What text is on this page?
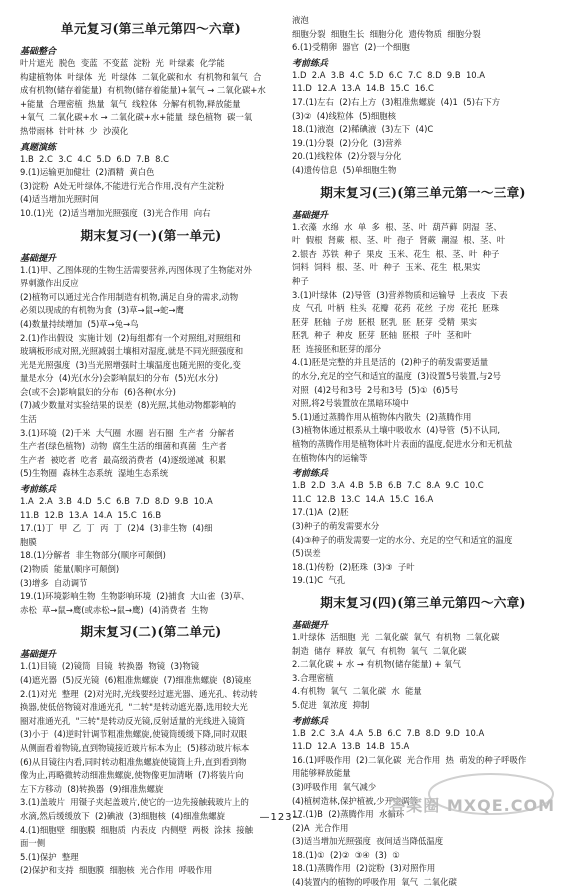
单元复习(第三单元第四～六章)
基础整合
叶片遮光  脱色  变蓝  不变蓝  淀粉  光  叶绿素  化学能
构建植物体  叶绿体  光  叶绿体  二氧化碳和水  有机物和氧气  合
成有机物(储存着能量)  有机物(储存着能量)+氧气 → 二氧化碳+水
+能量  合理密植  热量  氧气  线粒体  分解有机物,释放能量
+氧气  二氧化碳+水 → 二氧化碳+水+能量  绿色植物  碳一氧
热带雨林  针叶林  少  沙漠化
真题演练
1.B  2.C  3.C  4.C  5.D  6.D  7.B  8.C
9.(1)运输更加健壮  (2)酒精  黄白色
(3)淀粉  A处无叶绿体,不能进行光合作用,没有产生淀粉
(4)适当增加光照时间
10.(1)光  (2)适当增加光照强度  (3)光合作用  向右
期末复习(一)(第一单元)
基础提升
1.(1)甲、乙图体现的生物生活需要营养,丙图体现了生物能对外
界刺激作出反应
(2)植物可以通过光合作用制造有机物,满足自身的需求,动物
必须以现成的有机物为食  (3)草→鼠→蛇→鹰
(4)数量持续增加  (5)草→兔→鸟
2.(1)作出假设  实施计划  (2)每组都有一个对照组,对照组和
玻璃板形成对照,光照减弱土壤相对湿度,就是不同光照强度和
光是光照强度  (3)当光照增强时土壤温度也随光照的变化,变
量是水分  (4)光(水分)会影响鼠妇的分布  (5)光(水分)
会(或不会)影响鼠妇的分布  (6)各种(水分)
(7)减少数量对实验结果的误差  (8)光照,其他动物都影响的
生活
3.(1)环境  (2)千米  大气圈  水圈  岩石圈  生产者  分解者
生产者(绿色植物)  动物  腐生生活的细菌和真菌  生产者
生产者  被吃者  吃者  最高级消费者  (4)逐级递减  积累
(5)生物圈  森林生态系统  湿地生态系统
考前练兵
1.A  2.A  3.B  4.D  5.C  6.B  7.D  8.D  9.B  10.A
11.B  12.B  13.A  14.A  15.C  16.B
17.(1)丁  甲  乙  丁  丙  丁  (2)4  (3)非生物  (4)细
胞膜
18.(1)分解者  非生物部分(顺序可颠倒)
(2)物质  能量(顺序可颠倒)
(3)增多  自动调节
19.(1)环境影响生物  生物影响环境  (2)捕食  大山雀  (3)草、
赤松  草→鼠→鹰(或赤松→鼠→鹰)  (4)消费者  生物
期末复习(二)(第二单元)
基础提升
1.(1)目镜  (2)镜筒  目镜  转换器  物镜  (3)物镜
(4)遮光器  (5)反光镜  (6)粗准焦螺旋  (7)细准焦螺旋  (8)镜座
2.(1)对光  整理  (2)对光时,光线要经过遮光器、通光孔、转动转
换器,使低倍物镜对准通光孔  "二转"是转动遮光器,选用较大光
圈对准通光孔  "三转"是转动反光镜,反射适量的光线进入镜筒
(3)小于  (4)逆时针调节粗准焦螺旋,使镜筒缓缓下降,同时双眼
从侧面看着物镜,直到物镜接近玻片标本为止  (5)移动玻片标本
(6)从目镜往内看,同时转动粗准焦螺旋使镜筒上升,直到看到物
像为止,再略微转动细准焦螺旋,使物像更加清晰  (7)将装片向
左下方移动  (8)转换器  (9)细准焦螺旋
3.(1)盖玻片  用镊子夹起盖玻片,使它的一边先接触载玻片上的
水滴,然后缓缓放下  (2)碘液  (3)细胞核  (4)细准焦螺旋
4.(1)细胞壁  细胞膜  细胞质  内表皮  内侧壁  两极  涂抹  接触
面一侧
5.(1)保护  整理
(2)保护和支持  细胞膜  细胞核  光合作用  呼吸作用
液泡
细胞分裂  细胞生长  细胞分化  遗传物质  细胞分裂
6.(1)受精卵  器官  (2)一个细胞
考前练兵
1.D  2.A  3.B  4.C  5.D  6.C  7.C  8.D  9.B  10.A
11.D  12.A  13.A  14.B  15.C  16.C
17.(1)左右  (2)右上方  (3)粗准焦螺旋  (4)1  (5)右下方
(3)②  (4)线粒体  (5)细胞核
18.(1)液泡  (2)稀碘液  (3)左下  (4)C
19.(1)分裂  (2)分化  (3)营养
20.(1)线粒体  (2)分裂与分化
(4)遗传信息  (5)单细胞生物
期末复习(三)(第三单元第一～三章)
基础提升
1.衣藻  水绵  水  单  多  根、茎、叶  葫芦藓  阴湿  茎、
叶  假根  肾蕨  根、茎、叶  孢子  肾蕨  潮湿  根、茎、叶
2.银杏  苏铁  种子  果皮  玉米、花生  根、茎、叶  种子
饲料  饲料  根、茎、叶  种子  玉米、花生  根,果实
种子
3.(1)叶绿体  (2)导管  (3)营养物质和运输导  上表皮  下表
皮  气孔  叶柄  柱头  花瓣  花药  花丝  子房  花托  胚珠
胚芽  胚轴  子房  胚根  胚乳  胚  胚芽  受精  果实
胚乳  种子  种皮  胚芽  胚轴  胚根  子叶  茎和叶
胚  连接胚和胚芽的部分
4.(1)胚是完整的并且是活的  (2)种子的萌发需要适量
的水分,充足的空气和适宜的温度  (3)设置5号装置,与2号
对照  (4)2号和3号  2号和3号  (5)①  (6)5号
对照,将2号装置放在黑暗环境中
5.(1)通过蒸腾作用从植物体内散失  (2)蒸腾作用
(3)植物体通过根系从土壤中吸收水  (4)导管  (5)不认同,
植物的蒸腾作用是植物体叶片表面的温度,促进水分和无机盐
在植物体内的运输等
考前练兵
1.B  2.D  3.A  4.B  5.B  6.B  7.C  8.A  9.C  10.C
11.C  12.B  13.C  14.A  15.C  16.A
17.(1)A  (2)胚
(3)种子的萌发需要水分
(4)③种子的萌发需要一定的水分、充足的空气和适宜的温度
(5)误差
18.(1)传粉  (2)胚珠  (3)③  子叶
19.(1)C  气孔
期末复习(四)(第三单元第四～六章)
基础提升
1.叶绿体  活细胞  光  二氧化碳  氧气  有机物  二氧化碳
制造  储存  释放  氧气  有机物  氧气  二氧化碳
2.二氧化碳 + 水 → 有机物(储存能量) + 氧气
3.合理密植
4.有机物  氧气  二氧化碳  水  能量
5.促进  氧浓度  抑制
考前练兵
1.B  2.C  3.A  4.A  5.B  6.C  7.B  8.D  9.D  10.A
11.D  12.A  13.B  14.B  15.A
16.(1)呼吸作用  (2)二氧化碳  光合作用  热  萌发的种子呼吸作
用能够释放能量
(3)呼吸作用  氧气减少
(4)植树造林,保护植被,少开空调等
17.(1)B  (2)蒸腾作用  水循环
(2)A  光合作用
(3)适当增加光照强度  夜间适当降低温度
18.(1)①  (2)②  ③④  (3)  ①
18.(1)蒸腾作用  (2)淀粉  (3)对照作用
(4)装置内的植物的呼吸作用  氧气  二氧化碳
—123—
答案圈 MXQE.COM
